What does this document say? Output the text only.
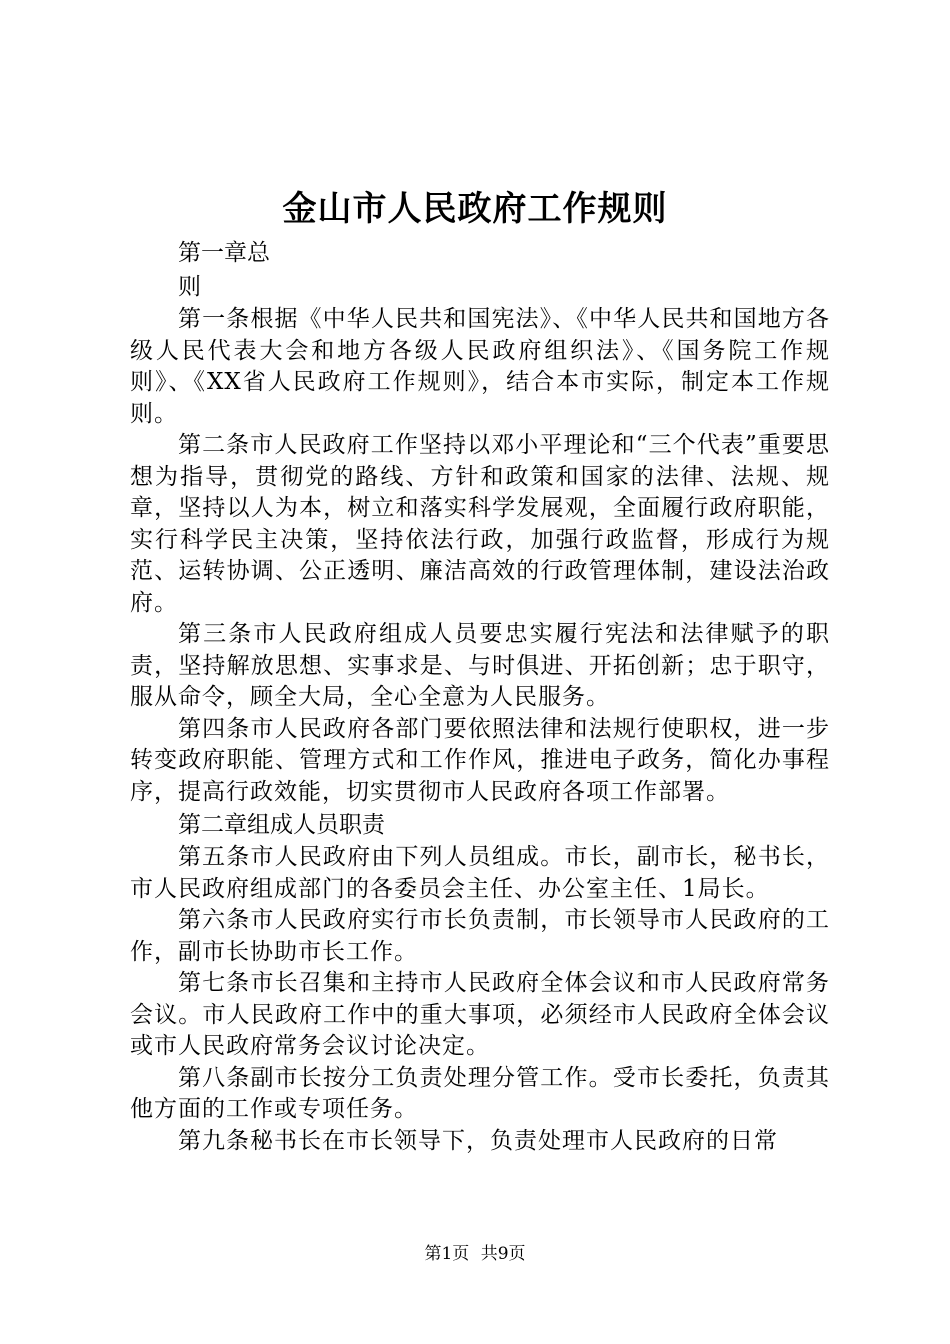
金山市人民政府工作规则
第一章总则

第一条根据《中华人民共和国宪法》、《中华人民共和国地方各级人民代表大会和地方各级人民政府组织法》、《国务院工作规则》、《XX省人民政府工作规则》，结合本市实际，制定本工作规则。

第二条市人民政府工作坚持以邓小平理论和“三个代表”重要思想为指导，贯彻党的路线、方针和政策和国家的法律、法规、规章，坚持以人为本，树立和落实科学发展观，全面履行政府职能，实行科学民主决策，坚持依法行政，加强行政监督，形成行为规范、运转协调、公正透明、廉洁高效的行政管理体制，建设法治政府。

第三条市人民政府组成人员要忠实履行宪法和法律赋予的职责，坚持解放思想、实事求是、与时俱进、开拓创新；忠于职守，服从命令，顾全大局，全心全意为人民服务。

第四条市人民政府各部门要依照法律和法规行使职权，进一步转变政府职能、管理方式和工作作风，推进电子政务，简化办事程序，提高行政效能，切实贯彻市人民政府各项工作部署。

第二章组成人员职责

第五条市人民政府由下列人员组成。市长，副市长，秘书长，市人民政府组成部门的各委员会主任、办公室主任、1局长。

第六条市人民政府实行市长负责制，市长领导市人民政府的工作，副市长协助市长工作。

第七条市长召集和主持市人民政府全体会议和市人民政府常务会议。市人民政府工作中的重大事项，必须经市人民政府全体会议或市人民政府常务会议讨论决定。

第八条副市长按分工负责处理分管工作。受市长委托，负责其他方面的工作或专项任务。

第九条秘书长在市长领导下，负责处理市人民政府的日常

第1页 共9页
